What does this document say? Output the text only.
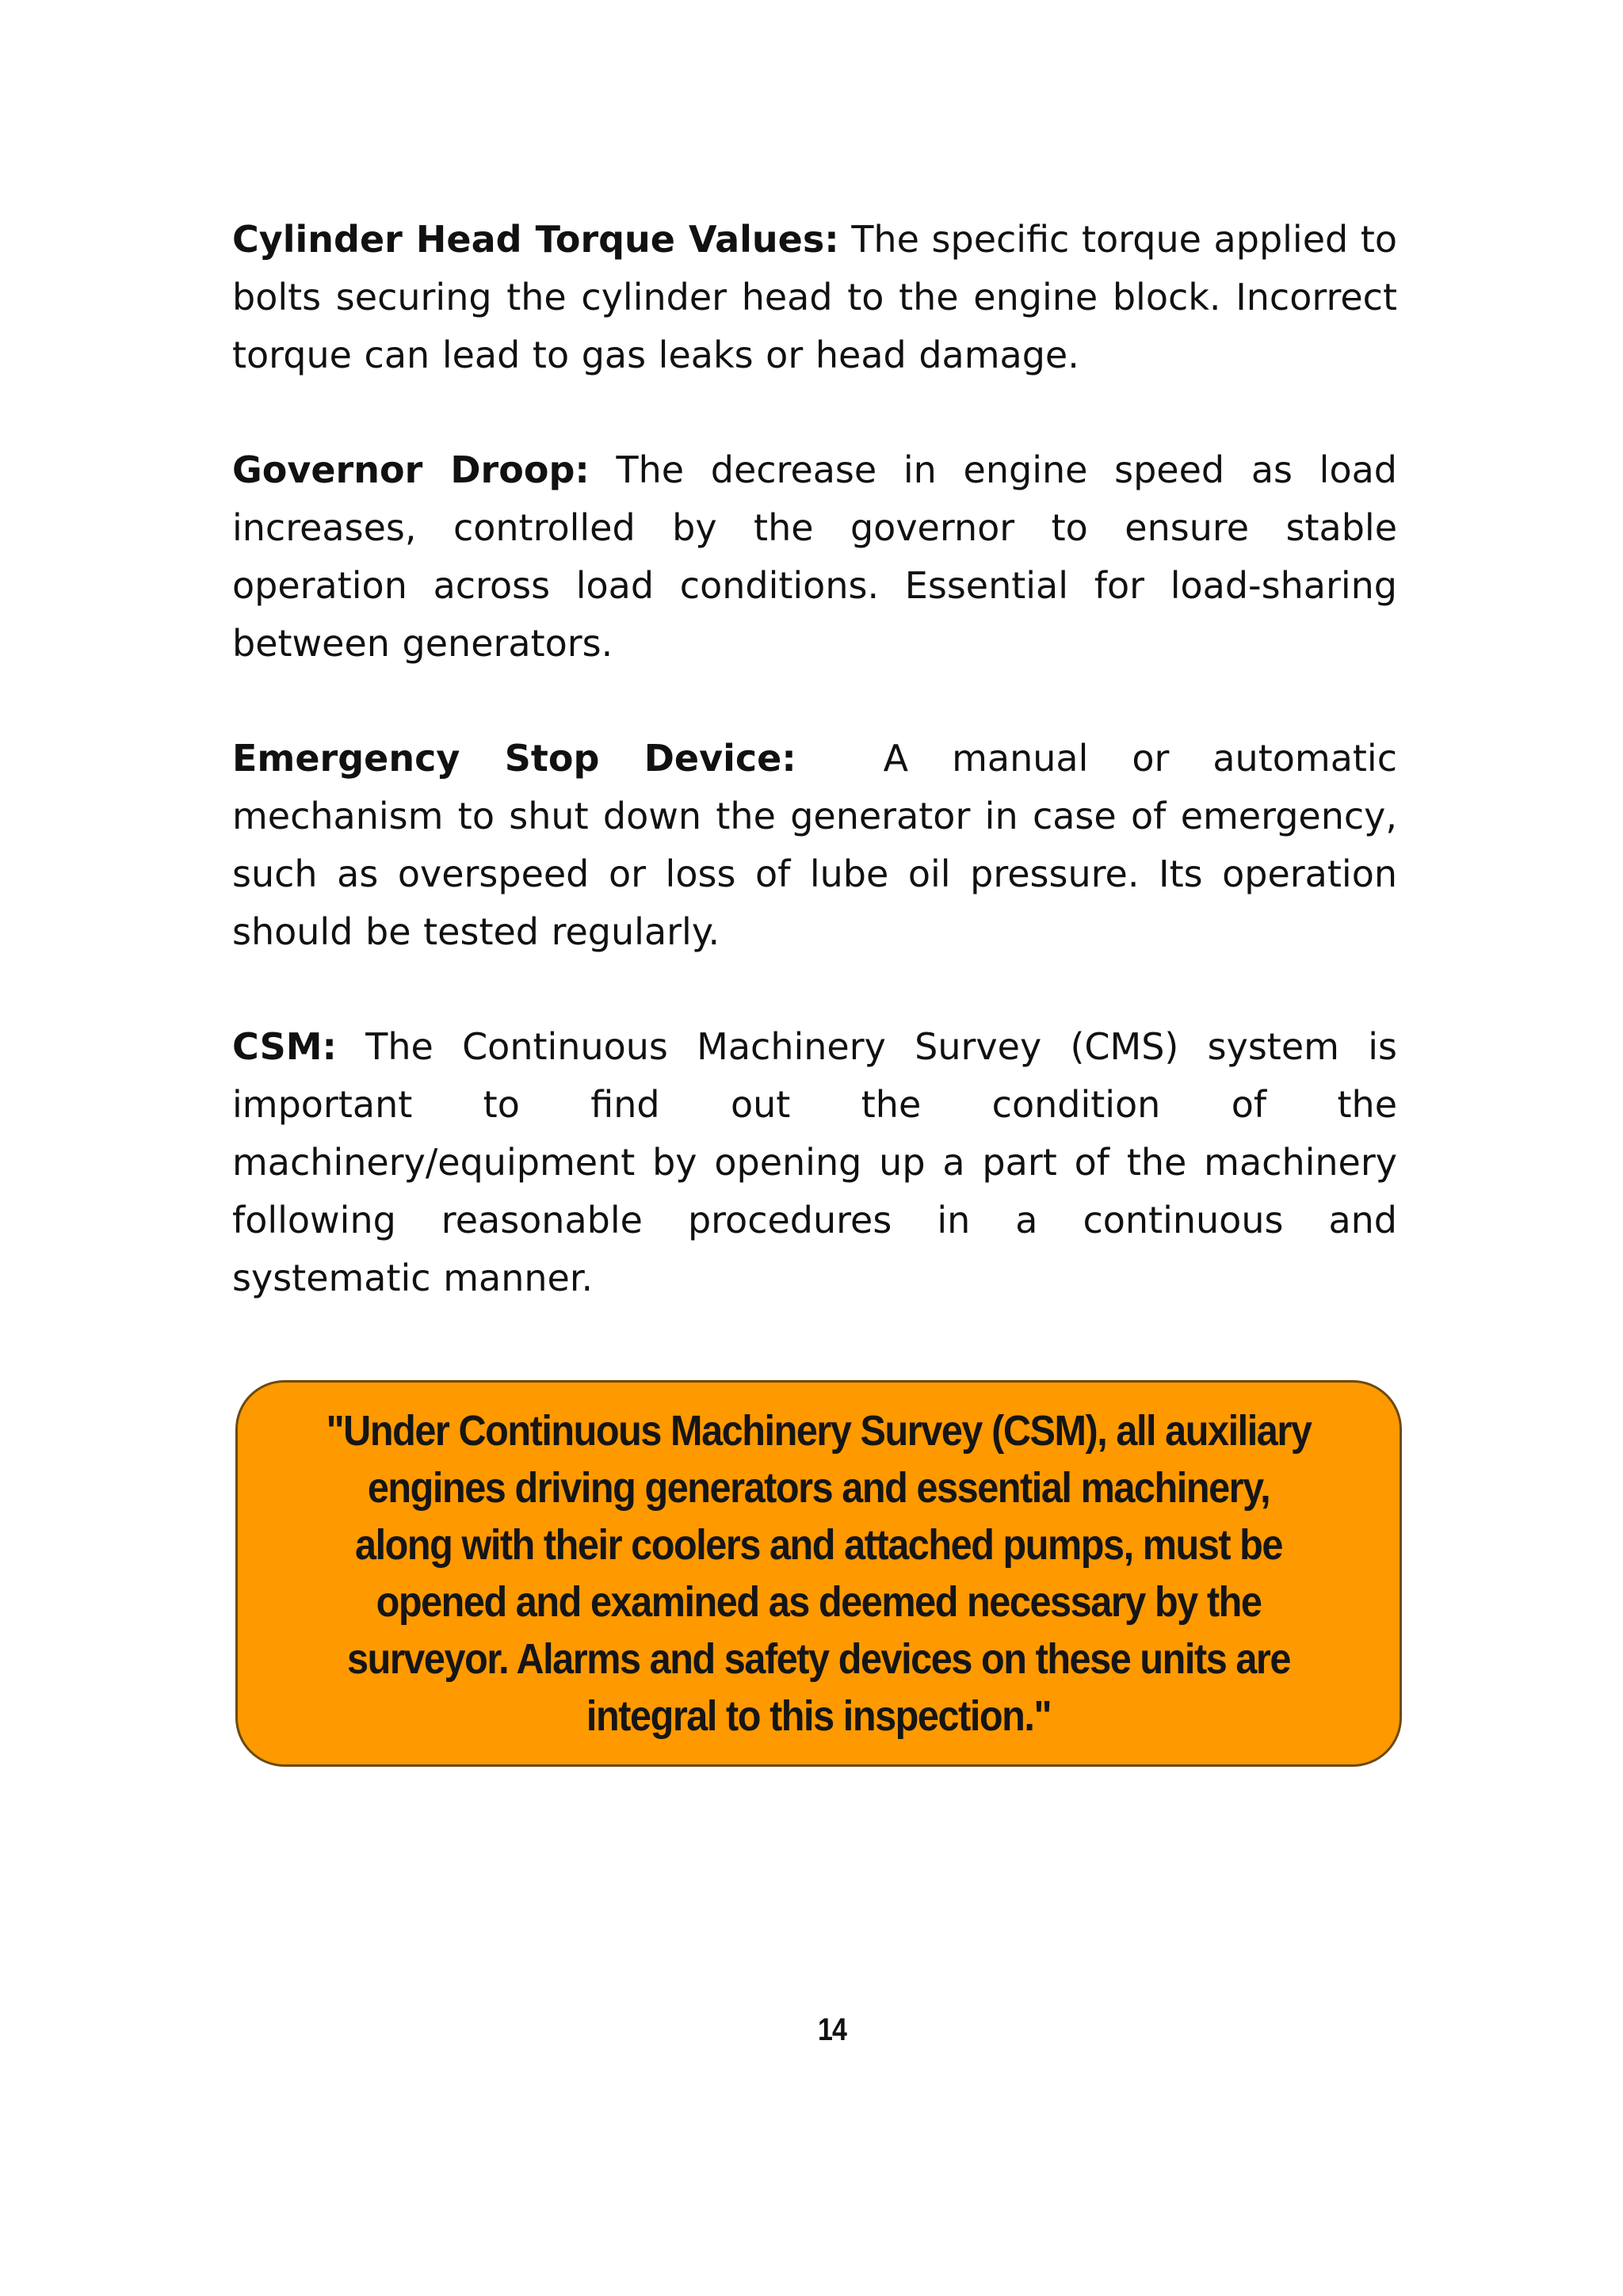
Cylinder Head Torque Values: The specific torque applied to bolts securing the cylinder head to the engine block. Incorrect torque can lead to gas leaks or head damage.

Governor Droop: The decrease in engine speed as load increases, controlled by the governor to ensure stable operation across load conditions. Essential for load-sharing between generators.

Emergency Stop Device: A manual or automatic mechanism to shut down the generator in case of emergency, such as overspeed or loss of lube oil pressure. Its operation should be tested regularly.

CSM: The Continuous Machinery Survey (CMS) system is important to find out the condition of the machinery/equipment by opening up a part of the machinery following reasonable procedures in a continuous and systematic manner.

"Under Continuous Machinery Survey (CSM), all auxiliary engines driving generators and essential machinery, along with their coolers and attached pumps, must be opened and examined as deemed necessary by the surveyor. Alarms and safety devices on these units are integral to this inspection."

14
